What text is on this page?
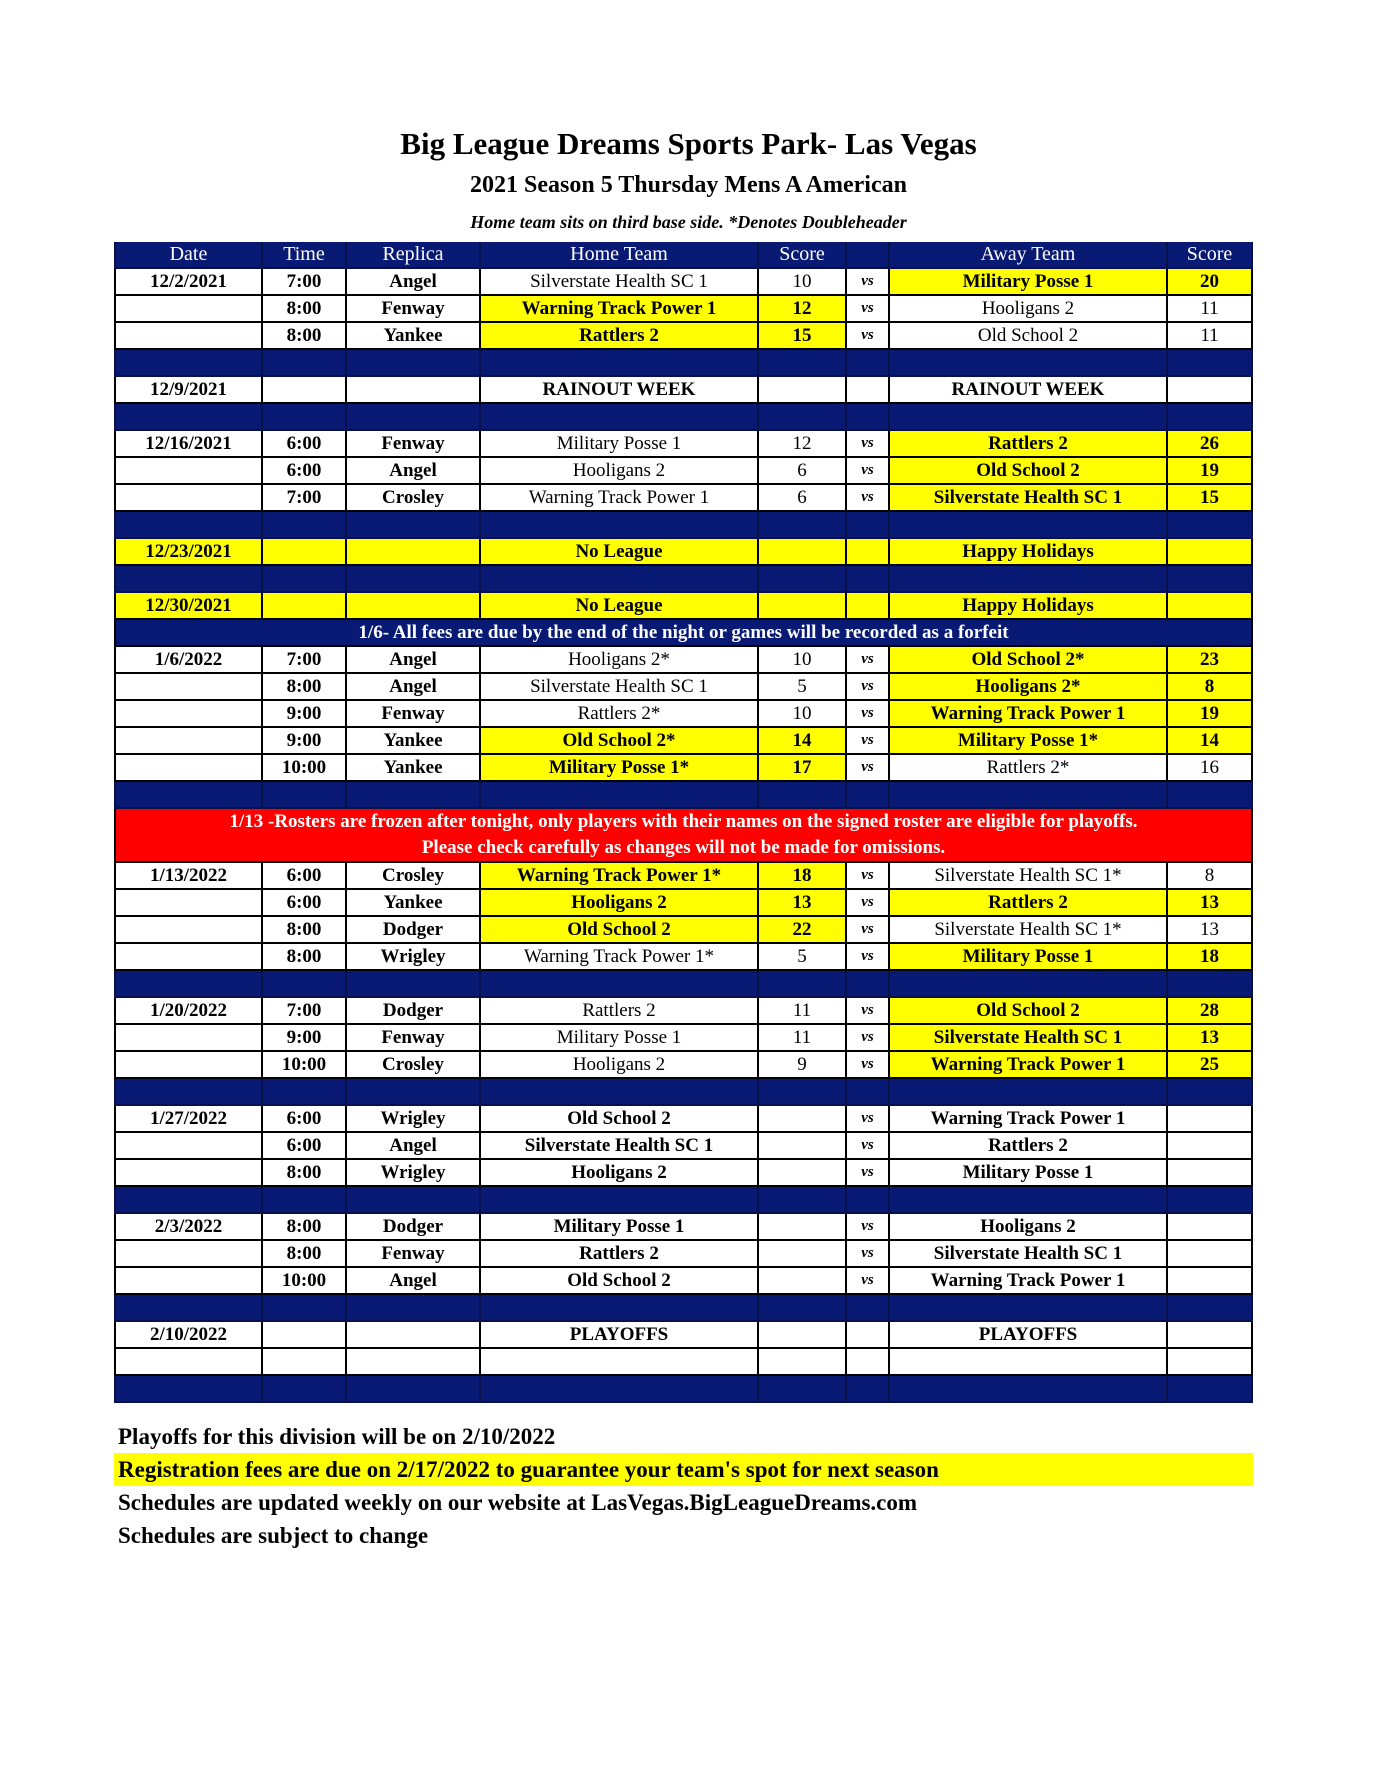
Big League Dreams Sports Park- Las Vegas
2021 Season 5 Thursday Mens A American
Home team sits on third base side. *Denotes Doubleheader
Date	Time	Replica	Home Team	Score	Away Team	Score
12/2/2021	7:00	Angel	Silverstate Health SC 1	10	vs	Military Posse 1	20
8:00	Fenway	Warning Track Power 1	12	vs	Hooligans 2	11
8:00	Yankee	Rattlers 2	15	vs	Old School 2	11
12/9/2021	RAINOUT WEEK	RAINOUT WEEK
12/16/2021	6:00	Fenway	Military Posse 1	12	vs	Rattlers 2	26
6:00	Angel	Hooligans 2	6	vs	Old School 2	19
7:00	Crosley	Warning Track Power 1	6	vs	Silverstate Health SC 1	15
12/23/2021	No League	Happy Holidays
12/30/2021	No League	Happy Holidays
1/6- All fees are due by the end of the night or games will be recorded as a forfeit
1/6/2022	7:00	Angel	Hooligans 2*	10	vs	Old School 2*	23
8:00	Angel	Silverstate Health SC 1	5	vs	Hooligans 2*	8
9:00	Fenway	Rattlers 2*	10	vs	Warning Track Power 1	19
9:00	Yankee	Old School 2*	14	vs	Military Posse 1*	14
10:00	Yankee	Military Posse 1*	17	vs	Rattlers 2*	16
1/13 -Rosters are frozen after tonight, only players with their names on the signed roster are eligible for playoffs.
Please check carefully as changes will not be made for omissions.
1/13/2022	6:00	Crosley	Warning Track Power 1*	18	vs	Silverstate Health SC 1*	8
6:00	Yankee	Hooligans 2	13	vs	Rattlers 2	13
8:00	Dodger	Old School 2	22	vs	Silverstate Health SC 1*	13
8:00	Wrigley	Warning Track Power 1*	5	vs	Military Posse 1	18
1/20/2022	7:00	Dodger	Rattlers 2	11	vs	Old School 2	28
9:00	Fenway	Military Posse 1	11	vs	Silverstate Health SC 1	13
10:00	Crosley	Hooligans 2	9	vs	Warning Track Power 1	25
1/27/2022	6:00	Wrigley	Old School 2	vs	Warning Track Power 1
6:00	Angel	Silverstate Health SC 1	vs	Rattlers 2
8:00	Wrigley	Hooligans 2	vs	Military Posse 1
2/3/2022	8:00	Dodger	Military Posse 1	vs	Hooligans 2
8:00	Fenway	Rattlers 2	vs	Silverstate Health SC 1
10:00	Angel	Old School 2	vs	Warning Track Power 1
2/10/2022	PLAYOFFS	PLAYOFFS
Playoffs for this division will be on 2/10/2022
Registration fees are due on 2/17/2022 to guarantee your team's spot for next season
Schedules are updated weekly on our website at LasVegas.BigLeagueDreams.com
Schedules are subject to change
